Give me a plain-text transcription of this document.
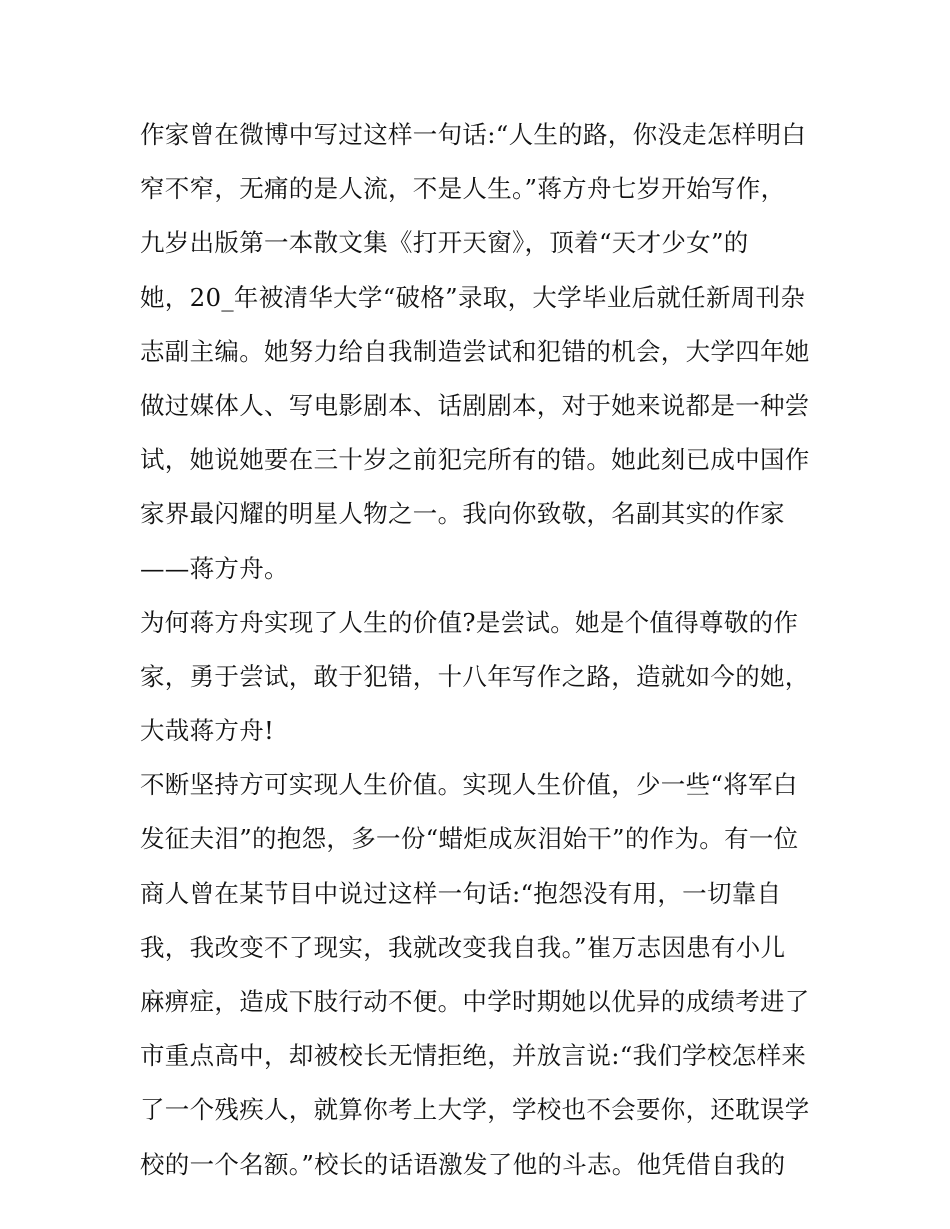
作家曾在微博中写过这样一句话:“人生的路，你没走怎样明白
窄不窄，无痛的是人流，不是人生。”蒋方舟七岁开始写作，
九岁出版第一本散文集《打开天窗》，顶着“天才少女”的
她，20_年被清华大学“破格”录取，大学毕业后就任新周刊杂
志副主编。她努力给自我制造尝试和犯错的机会，大学四年她
做过媒体人、写电影剧本、话剧剧本，对于她来说都是一种尝
试，她说她要在三十岁之前犯完所有的错。她此刻已成中国作
家界最闪耀的明星人物之一。我向你致敬，名副其实的作家
——蒋方舟。
为何蒋方舟实现了人生的价值?是尝试。她是个值得尊敬的作
家，勇于尝试，敢于犯错，十八年写作之路，造就如今的她，
大哉蒋方舟!
不断坚持方可实现人生价值。实现人生价值，少一些“将军白
发征夫泪”的抱怨，多一份“蜡炬成灰泪始干”的作为。有一位
商人曾在某节目中说过这样一句话:“抱怨没有用，一切靠自
我，我改变不了现实，我就改变我自我。”崔万志因患有小儿
麻痹症，造成下肢行动不便。中学时期她以优异的成绩考进了
市重点高中，却被校长无情拒绝，并放言说:“我们学校怎样来
了一个残疾人，就算你考上大学，学校也不会要你，还耽误学
校的一个名额。”校长的话语激发了他的斗志。他凭借自我的
